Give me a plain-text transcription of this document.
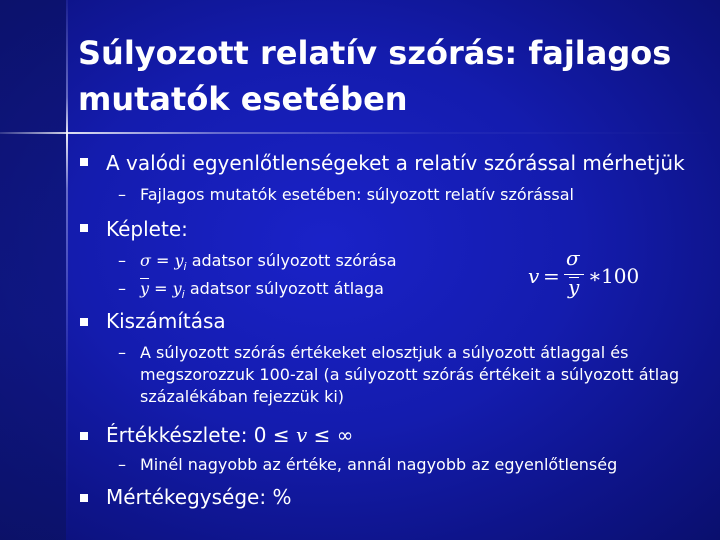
Súlyozott relatív szórás: fajlagos mutatók esetében
A valódi egyenlőtlenségeket a relatív szórással mérhetjük
– Fajlagos mutatók esetében: súlyozott relatív szórással
Képlete:
– $\sigma = y_i$ adatsor súlyozott szórása
– $\overline{y} = y_i$ adatsor súlyozott átlaga
v =
σ
y ∗ 100
Kiszámítása
– A súlyozott szórás értékeket elosztjuk a súlyozott átlaggal és megszorozzuk 100-zal (a súlyozott szórás értékeit a súlyozott átlag százalékában fejezzük ki)
Értékkészlete: 0 ≤ v ≤ ∞
– Minél nagyobb az értéke, annál nagyobb az egyenlőtlenség
Mértékegysége: %
